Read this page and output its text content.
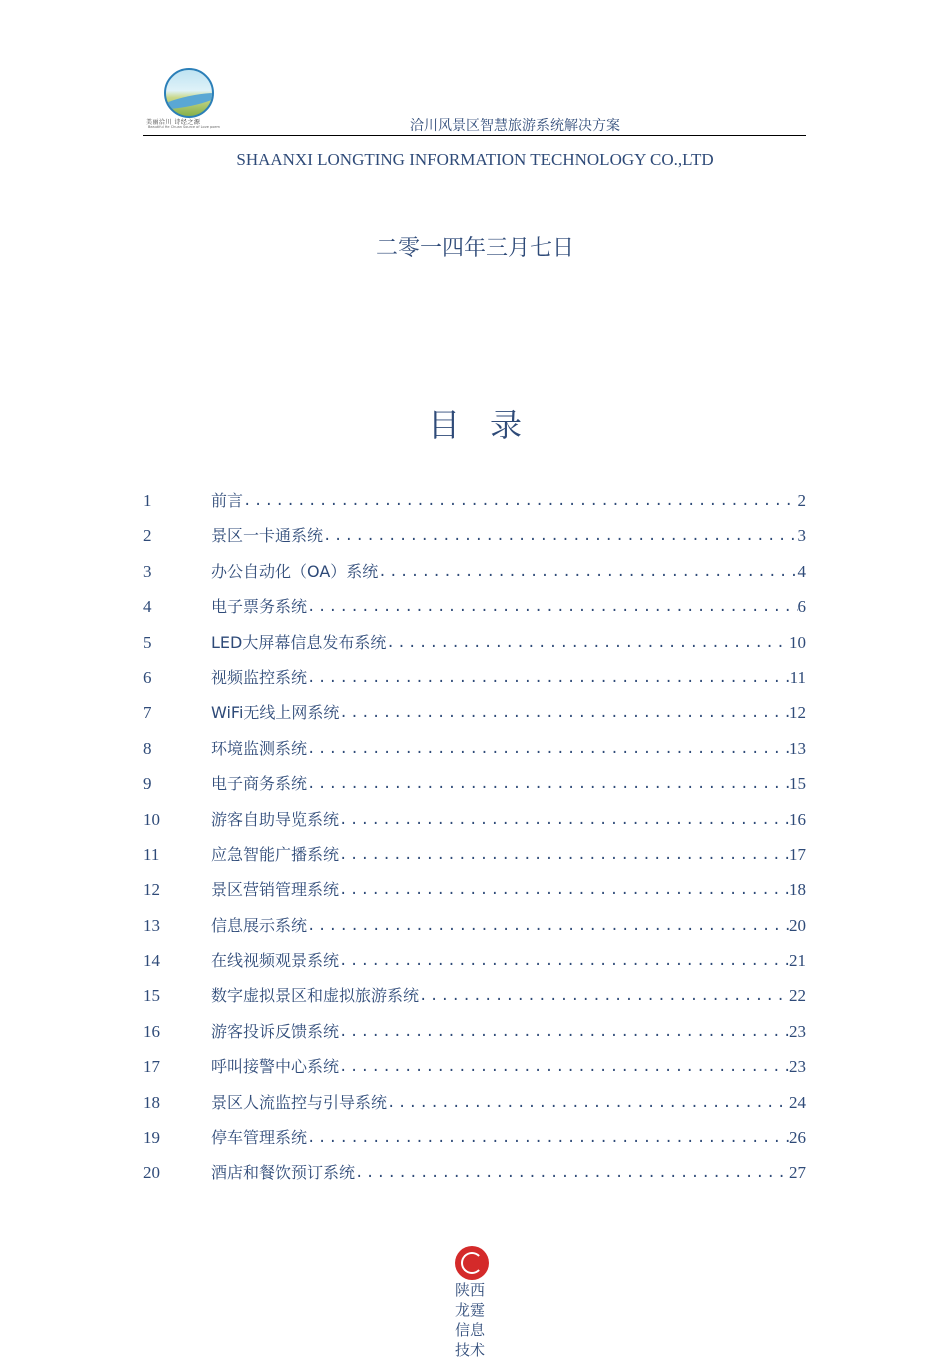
美丽洽川 诗经之源
Beautiful He Chuan Source of Love poem	洽川风景区智慧旅游系统解决方案
SHAANXI LONGTING INFORMATION TECHNOLOGY CO.,LTD
二零一四年三月七日
目录
1	前言 .....	2
2	景区一卡通系统 .....	3
3	办公自动化（OA）系统 .....	4
4	电子票务系统 .....	6
5	LED大屏幕信息发布系统 .....	10
6	视频监控系统 .....	11
7	WiFi无线上网系统 .....	12
8	环境监测系统 .....	13
9	电子商务系统 .....	15
10	游客自助导览系统 .....	16
11	应急智能广播系统 .....	17
12	景区营销管理系统 .....	18
13	信息展示系统 .....	20
14	在线视频观景系统 .....	21
15	数字虚拟景区和虚拟旅游系统 .....	22
16	游客投诉反馈系统 .....	23
17	呼叫接警中心系统 .....	23
18	景区人流监控与引导系统 .....	24
19	停车管理系统 .....	26
20	酒店和餐饮预订系统 .....	27
陕西龙霆信息技术
